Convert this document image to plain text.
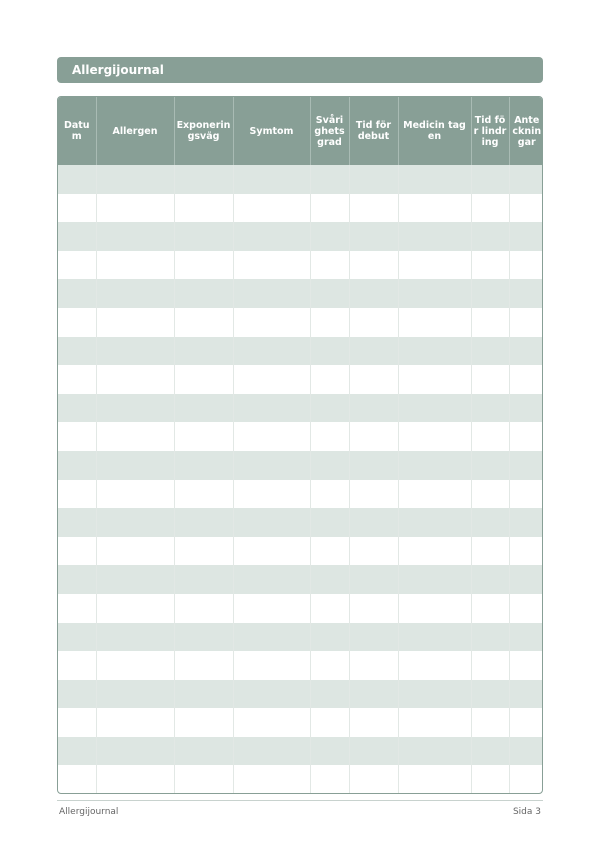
Allergijournal
Datum	Allergen	Exponeringsväg	Symtom	Svårighetsgrad	Tid för debut	Medicin tagen	Tid för lindring	Anteckningar

Allergijournal	Sida 3
